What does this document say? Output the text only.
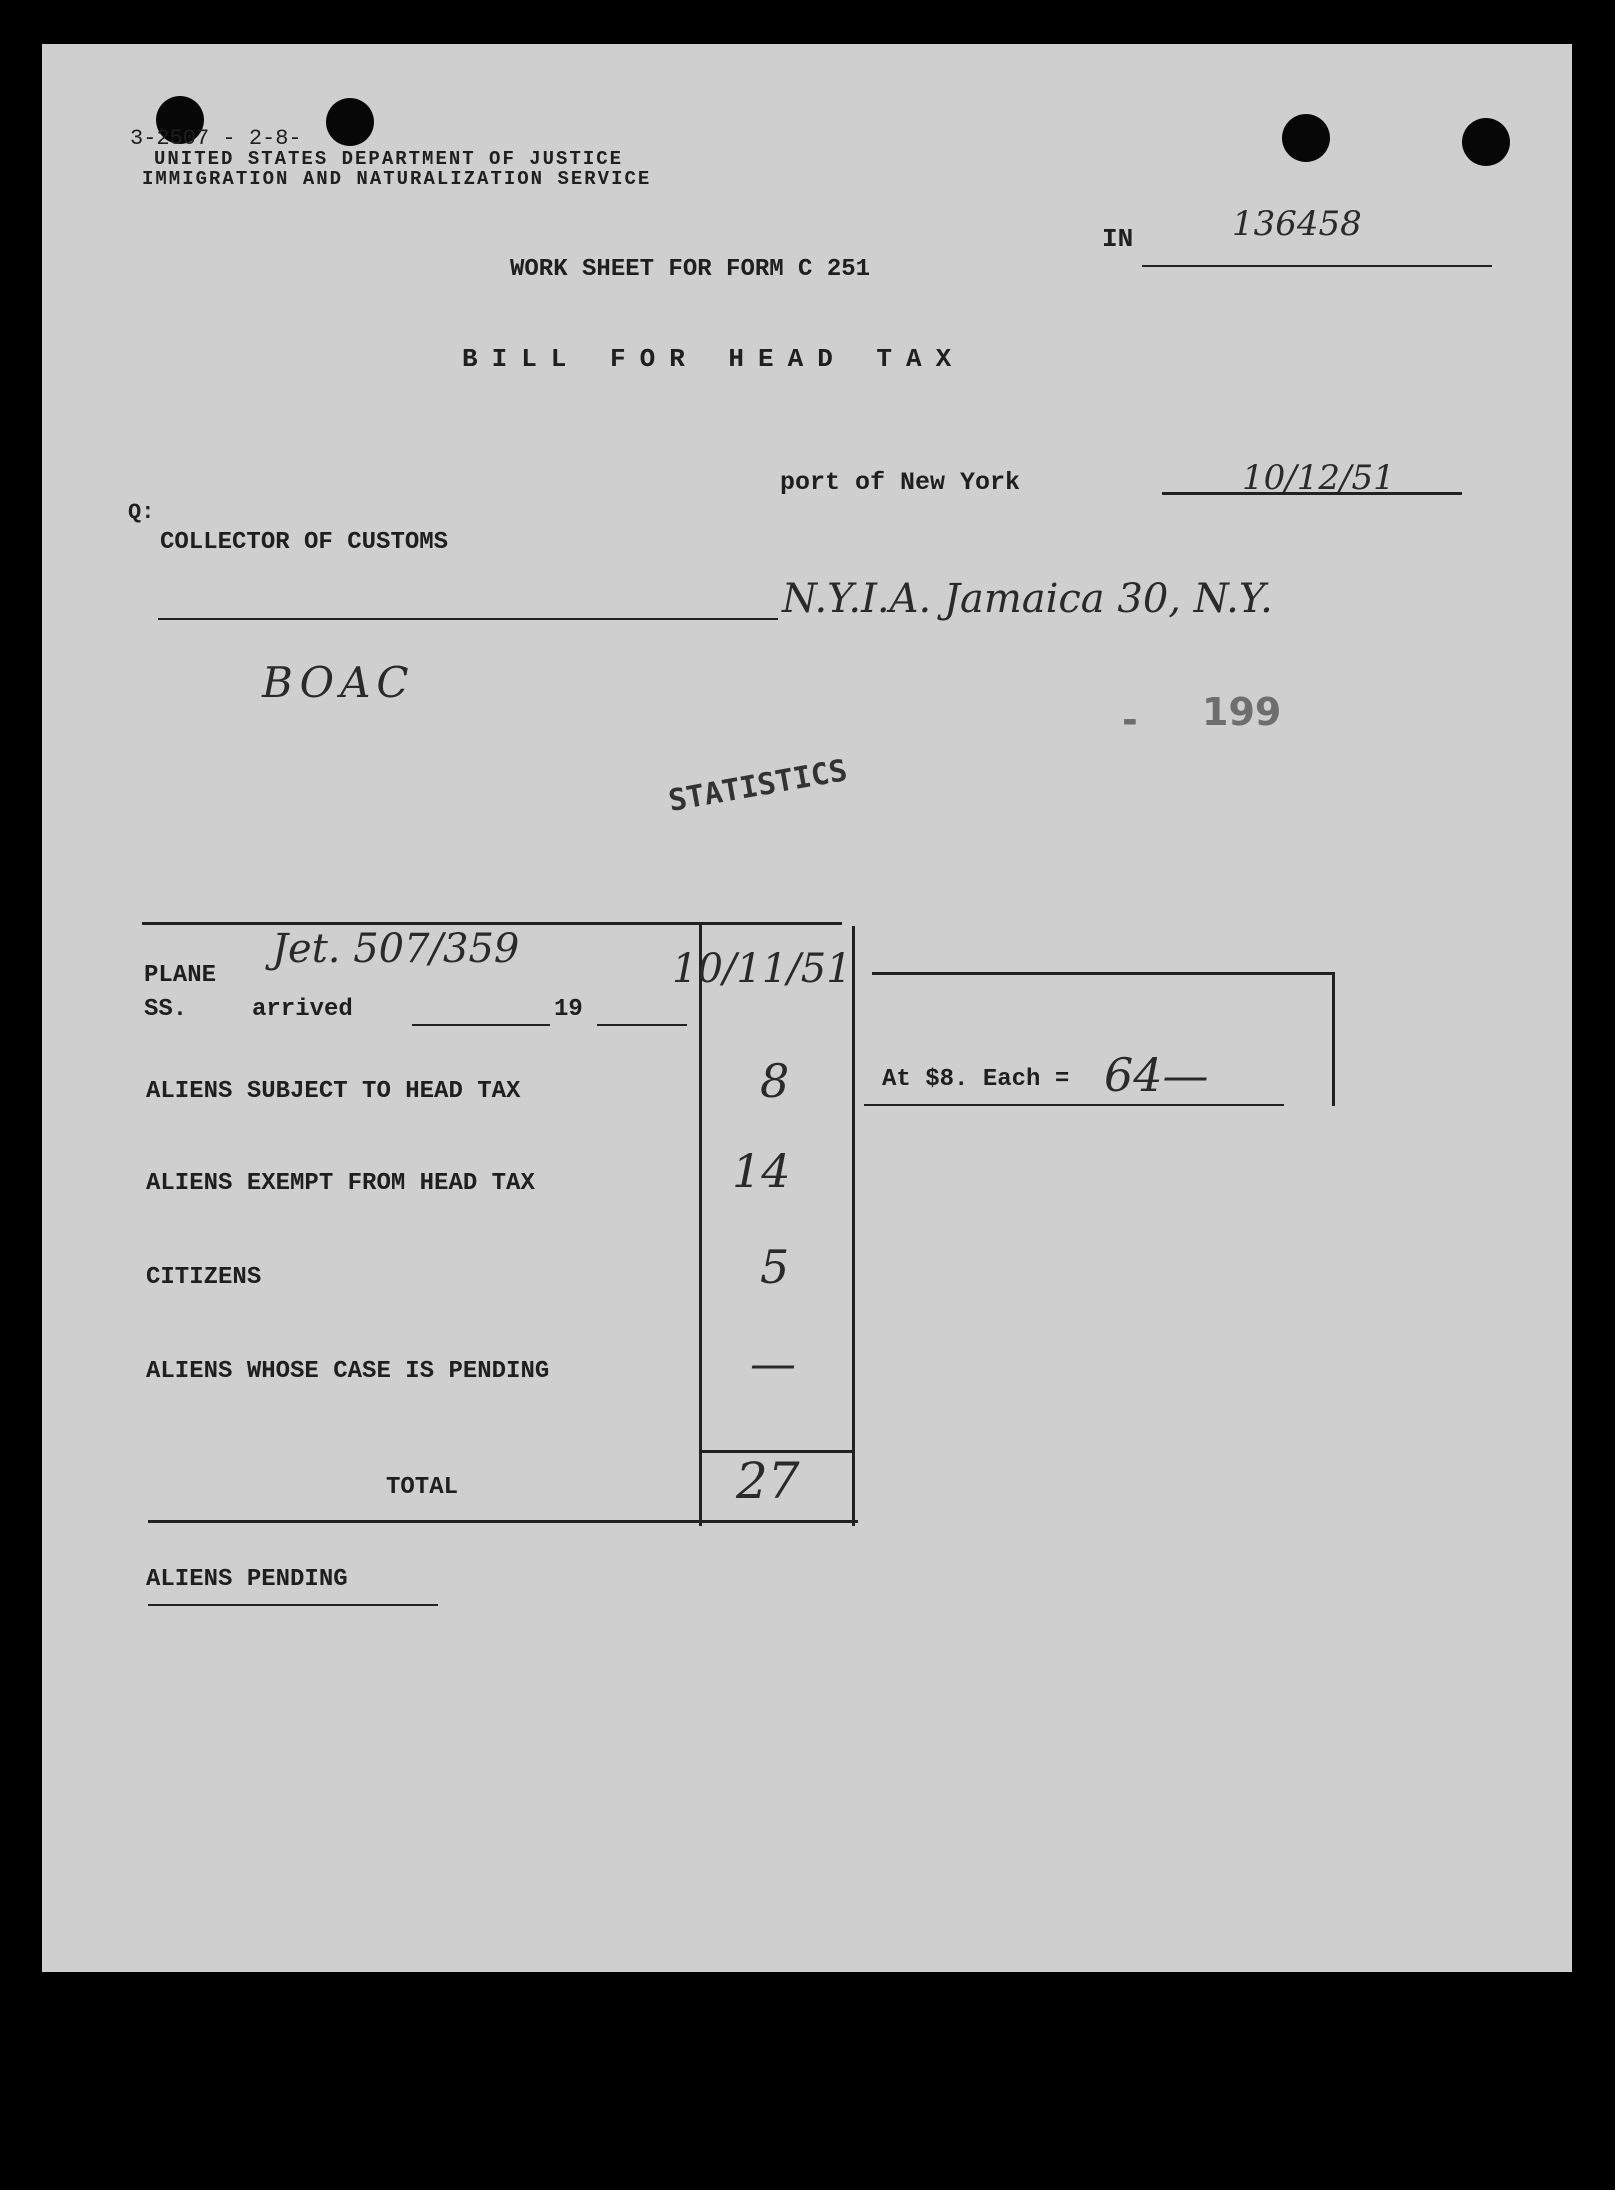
3-2507 - 2-8-
UNITED STATES DEPARTMENT OF JUSTICE
IMMIGRATION AND NATURALIZATION SERVICE
IN	136458
WORK SHEET FOR FORM C 251
BILL FOR HEAD TAX
port of New York	10/12/51
Q:
COLLECTOR OF CUSTOMS
N.Y.I.A. Jamaica 30, N.Y.
BOAC
- 199
STATISTICS
PLANE
Jet. 507/359
SS.	arrived	19
10/11/51
ALIENS SUBJECT TO HEAD TAX	8
ALIENS EXEMPT FROM HEAD TAX	14
CITIZENS	5
ALIENS WHOSE CASE IS PENDING	—
TOTAL	27
At $8. Each = 64—
ALIENS PENDING
